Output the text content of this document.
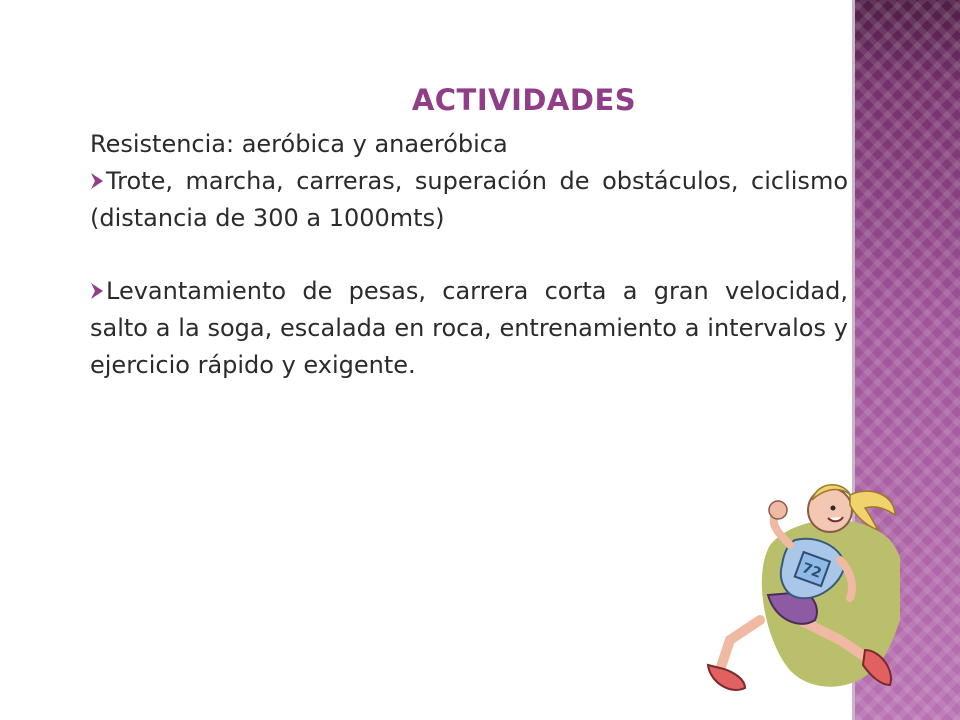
ACTIVIDADES

Resistencia: aeróbica y anaeróbica

Trote, marcha, carreras, superación de obstáculos, ciclismo (distancia de 300 a 1000mts)

Levantamiento de pesas, carrera corta a gran velocidad, salto a la soga, escalada en roca, entrenamiento a intervalos y ejercicio rápido y exigente.

72
